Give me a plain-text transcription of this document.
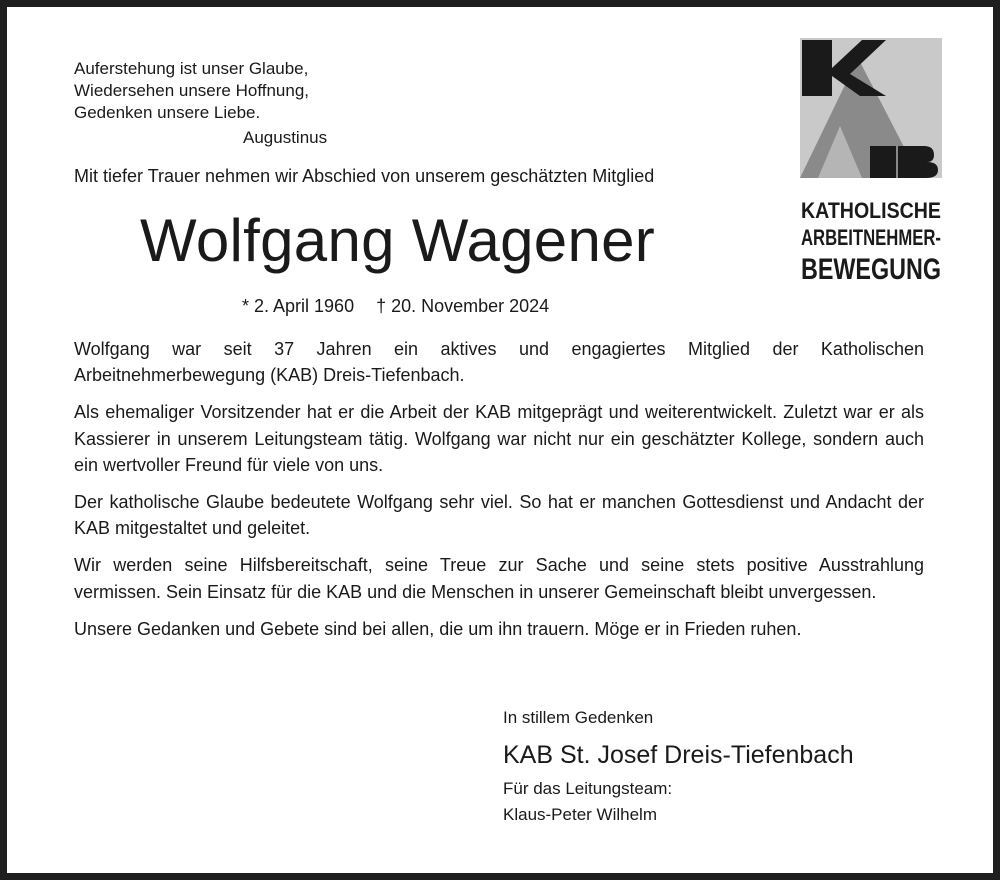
Auferstehung ist unser Glaube,
Wiedersehen unsere Hoffnung,
Gedenken unsere Liebe.
Augustinus
Mit tiefer Trauer nehmen wir Abschied von unserem geschätzten Mitglied
Wolfgang Wagener
* 2. April 1960 † 20. November 2024

Wolfgang war seit 37 Jahren ein aktives und engagiertes Mitglied der Katholischen Arbeitnehmerbewegung (KAB) Dreis-Tiefenbach.

Als ehemaliger Vorsitzender hat er die Arbeit der KAB mitgeprägt und weiterentwickelt. Zuletzt war er als Kassierer in unserem Leitungsteam tätig. Wolfgang war nicht nur ein geschätzter Kollege, sondern auch ein wertvoller Freund für viele von uns.

Der katholische Glaube bedeutete Wolfgang sehr viel. So hat er manchen Gottesdienst und Andacht der KAB mitgestaltet und geleitet.

Wir werden seine Hilfsbereitschaft, seine Treue zur Sache und seine stets positive Ausstrahlung vermissen. Sein Einsatz für die KAB und die Menschen in unserer Gemeinschaft bleibt unvergessen.

Unsere Gedanken und Gebete sind bei allen, die um ihn trauern. Möge er in Frieden ruhen.

In stillem Gedenken
KAB St. Josef Dreis-Tiefenbach
Für das Leitungsteam:
Klaus-Peter Wilhelm
KATHOLISCHE
ARBEITNEHMER-
BEWEGUNG
